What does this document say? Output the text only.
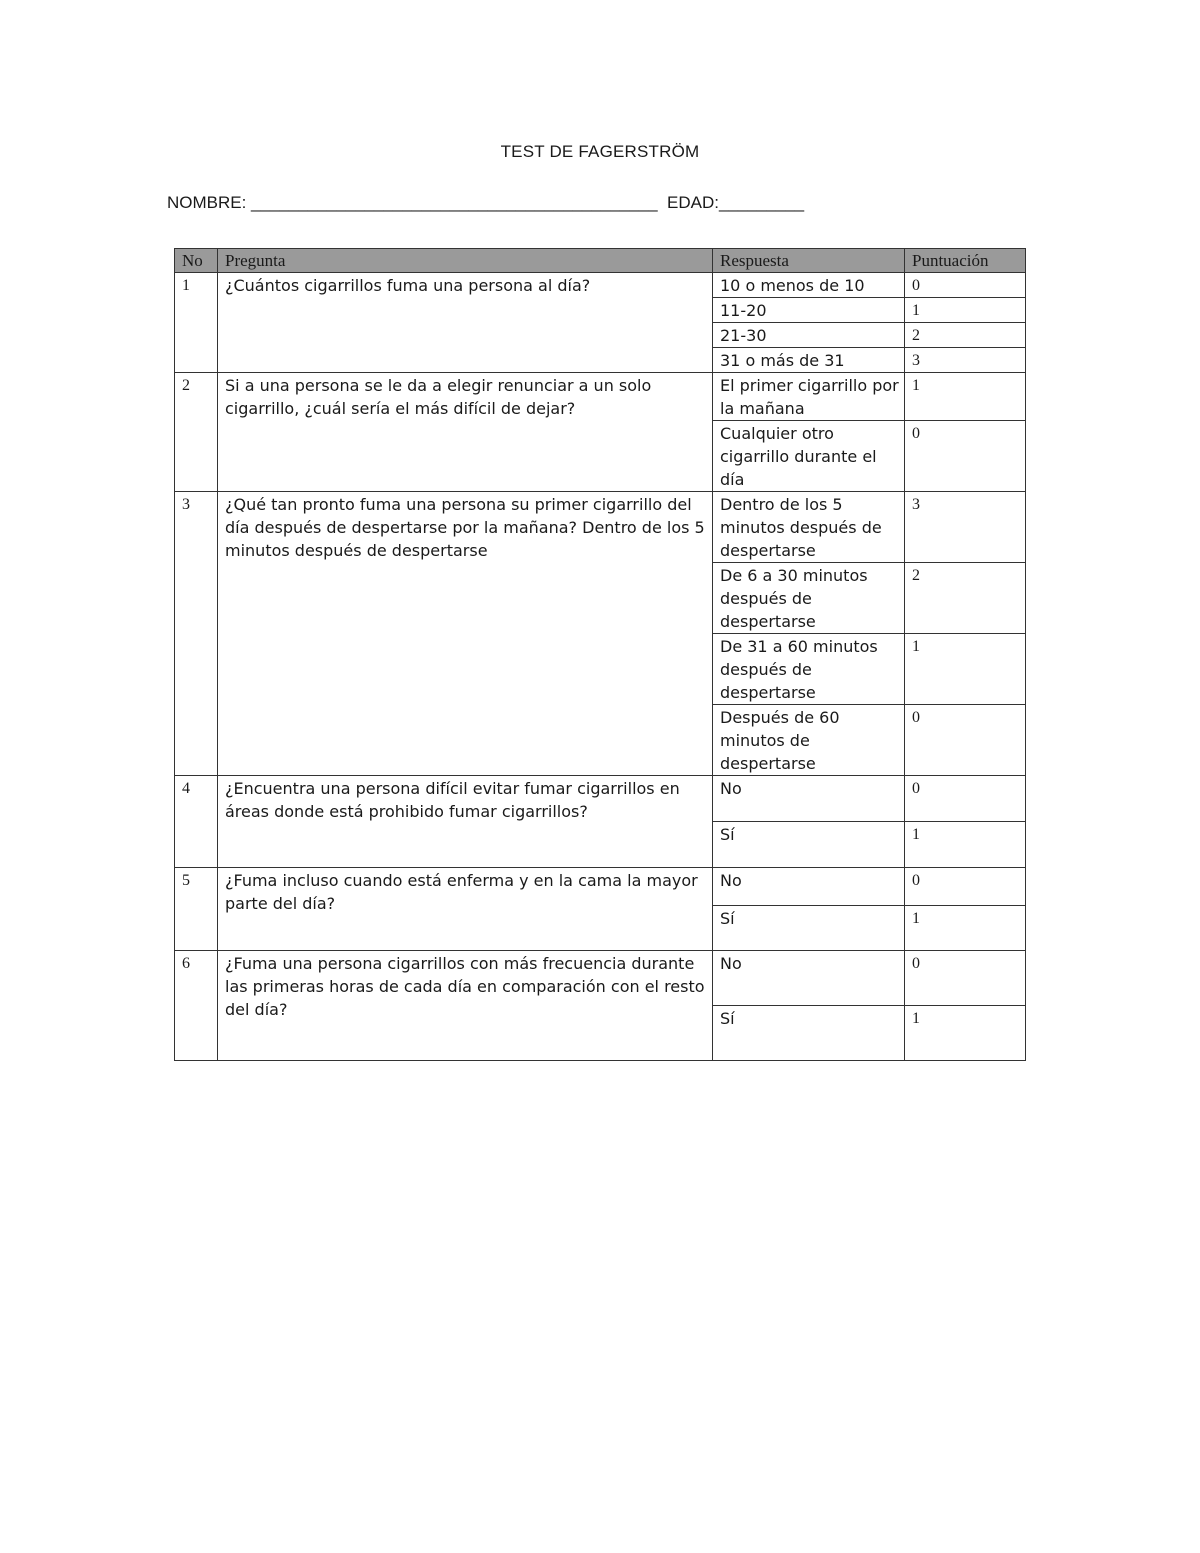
TEST DE FAGERSTRÖM
NOMBRE: ___________________________________________  EDAD:_________
No	Pregunta	Respuesta	Puntuación
1	¿Cuántos cigarrillos fuma una persona al día?	10 o menos de 10	0
		11-20	1
		21-30	2
		31 o más de 31	3
2	Si a una persona se le da a elegir renunciar a un solo cigarrillo, ¿cuál sería el más difícil de dejar?	El primer cigarrillo por la mañana	1
		Cualquier otro cigarrillo durante el día	0
3	¿Qué tan pronto fuma una persona su primer cigarrillo del día después de despertarse por la mañana? Dentro de los 5 minutos después de despertarse	Dentro de los 5 minutos después de despertarse	3
		De 6 a 30 minutos después de despertarse	2
		De 31 a 60 minutos después de despertarse	1
		Después de 60 minutos de despertarse	0
4	¿Encuentra una persona difícil evitar fumar cigarrillos en áreas donde está prohibido fumar cigarrillos?	No	0
		Sí	1
5	¿Fuma incluso cuando está enferma y en la cama la mayor parte del día?	No	0
		Sí	1
6	¿Fuma una persona cigarrillos con más frecuencia durante las primeras horas de cada día en comparación con el resto del día?	No	0
		Sí	1
